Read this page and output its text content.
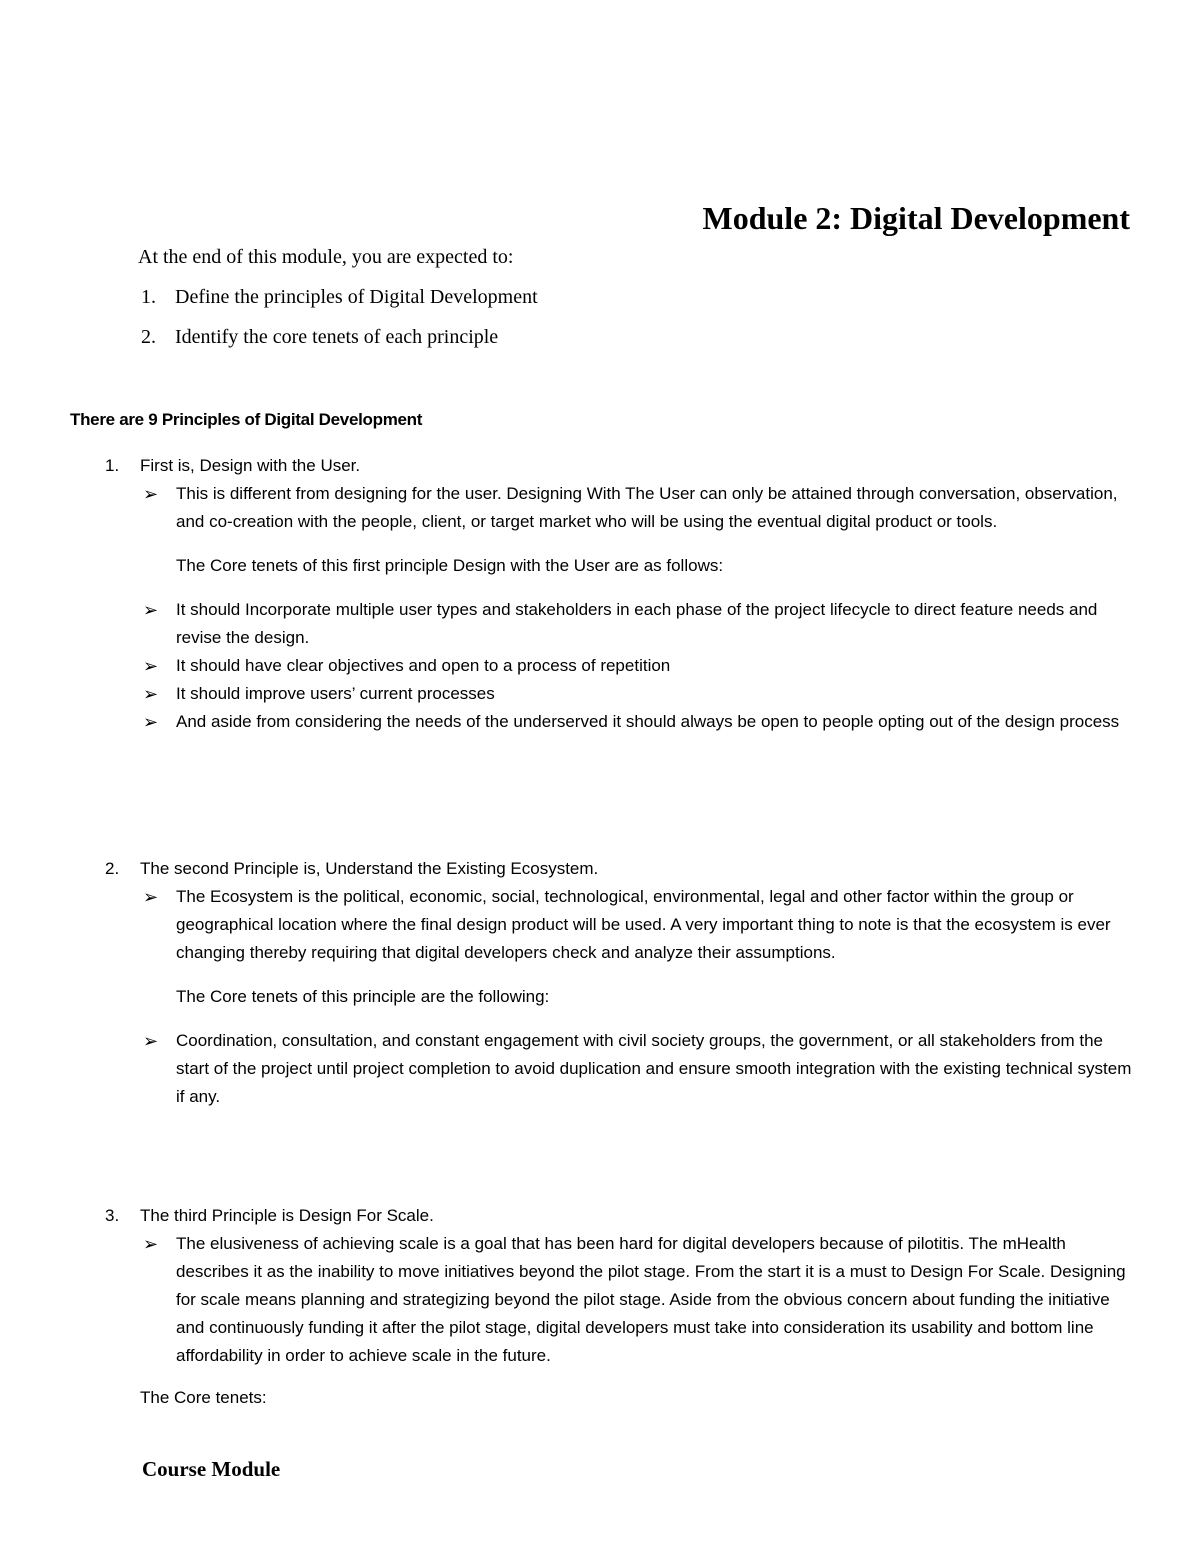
Module 2: Digital Development

At the end of this module, you are expected to:

1. Define the principles of Digital Development
2. Identify the core tenets of each principle
There are 9 Principles of Digital Development

1. First is, Design with the User.

➢ This is different from designing for the user. Designing With The User can only be attained through conversation, observation, and co-creation with the people, client, or target market who will be using the eventual digital product or tools.

The Core tenets of this first principle Design with the User are as follows:

➢ It should Incorporate multiple user types and stakeholders in each phase of the project lifecycle to direct feature needs and revise the design.

➢ It should have clear objectives and open to a process of repetition

➢ It should improve users’ current processes

➢ And aside from considering the needs of the underserved it should always be open to people opting out of the design process

2. The second Principle is, Understand the Existing Ecosystem.

➢ The Ecosystem is the political, economic, social, technological, environmental, legal and other factor within the group or geographical location where the final design product will be used. A very important thing to note is that the ecosystem is ever changing thereby requiring that digital developers check and analyze their assumptions.

The Core tenets of this principle are the following:

➢ Coordination, consultation, and constant engagement with civil society groups, the government, or all stakeholders from the start of the project until project completion to avoid duplication and ensure smooth integration with the existing technical system if any.

3. The third Principle is Design For Scale.

➢ The elusiveness of achieving scale is a goal that has been hard for digital developers because of pilotitis. The mHealth describes it as the inability to move initiatives beyond the pilot stage. From the start it is a must to Design For Scale. Designing for scale means planning and strategizing beyond the pilot stage. Aside from the obvious concern about funding the initiative and continuously funding it after the pilot stage, digital developers must take into consideration its usability and bottom line affordability in order to achieve scale in the future.

The Core tenets:

Course Module
